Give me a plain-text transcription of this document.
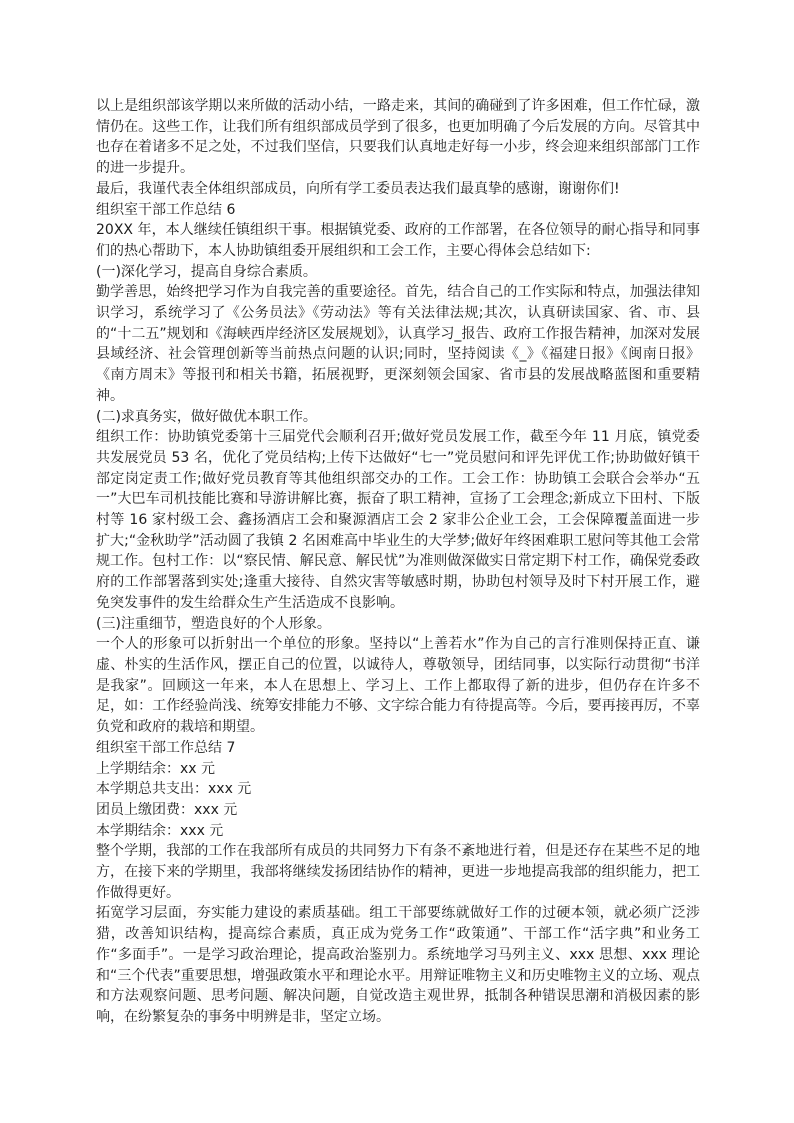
以上是组织部该学期以来所做的活动小结，一路走来，其间的确碰到了许多困难，但工作忙碌，激情仍在。这些工作，让我们所有组织部成员学到了很多，也更加明确了今后发展的方向。尽管其中也存在着诸多不足之处，不过我们坚信，只要我们认真地走好每一小步，终会迎来组织部部门工作的进一步提升。

最后，我谨代表全体组织部成员，向所有学工委员表达我们最真挚的感谢，谢谢你们!

组织室干部工作总结 6

20XX 年，本人继续任镇组织干事。根据镇党委、政府的工作部署，在各位领导的耐心指导和同事们的热心帮助下，本人协助镇组委开展组织和工会工作，主要心得体会总结如下:

(一)深化学习，提高自身综合素质。

勤学善思，始终把学习作为自我完善的重要途径。首先，结合自己的工作实际和特点，加强法律知识学习，系统学习了《公务员法》《劳动法》等有关法律法规;其次，认真研读国家、省、市、县的“十二五”规划和《海峡西岸经济区发展规划》，认真学习_报告、政府工作报告精神，加深对发展县域经济、社会管理创新等当前热点问题的认识;同时，坚持阅读《_》《福建日报》《闽南日报》《南方周末》等报刊和相关书籍，拓展视野，更深刻领会国家、省市县的发展战略蓝图和重要精神。

(二)求真务实，做好做优本职工作。

组织工作：协助镇党委第十三届党代会顺利召开;做好党员发展工作，截至今年 11 月底，镇党委共发展党员 53 名，优化了党员结构;上传下达做好“七一”党员慰问和评先评优工作;协助做好镇干部定岗定责工作;做好党员教育等其他组织部交办的工作。工会工作：协助镇工会联合会举办“五一”大巴车司机技能比赛和导游讲解比赛，振奋了职工精神，宣扬了工会理念;新成立下田村、下版村等 16 家村级工会、鑫扬酒店工会和聚源酒店工会 2 家非公企业工会，工会保障覆盖面进一步扩大;“金秋助学”活动圆了我镇 2 名困难高中毕业生的大学梦;做好年终困难职工慰问等其他工会常规工作。包村工作：以“察民情、解民意、解民忧”为准则做深做实日常定期下村工作，确保党委政府的工作部署落到实处;逢重大接待、自然灾害等敏感时期，协助包村领导及时下村开展工作，避免突发事件的发生给群众生产生活造成不良影响。

(三)注重细节，塑造良好的个人形象。

一个人的形象可以折射出一个单位的形象。坚持以“上善若水”作为自己的言行准则保持正直、谦虚、朴实的生活作风，摆正自己的位置，以诚待人，尊敬领导，团结同事，以实际行动贯彻“书洋是我家”。回顾这一年来，本人在思想上、学习上、工作上都取得了新的进步，但仍存在许多不足，如：工作经验尚浅、统筹安排能力不够、文字综合能力有待提高等。今后，要再接再厉，不辜负党和政府的栽培和期望。

组织室干部工作总结 7

上学期结余：xx 元

本学期总共支出：xxx 元

团员上缴团费：xxx 元

本学期结余：xxx 元

整个学期，我部的工作在我部所有成员的共同努力下有条不紊地进行着，但是还存在某些不足的地方，在接下来的学期里，我部将继续发扬团结协作的精神，更进一步地提高我部的组织能力，把工作做得更好。

拓宽学习层面，夯实能力建设的素质基础。组工干部要练就做好工作的过硬本领，就必须广泛涉猎，改善知识结构，提高综合素质，真正成为党务工作“政策通”、干部工作“活字典”和业务工作“多面手”。一是学习政治理论，提高政治鉴别力。系统地学习马列主义、xxx 思想、xxx 理论和“三个代表”重要思想，增强政策水平和理论水平。用辩证唯物主义和历史唯物主义的立场、观点和方法观察问题、思考问题、解决问题，自觉改造主观世界，抵制各种错误思潮和消极因素的影响，在纷繁复杂的事务中明辨是非，坚定立场。
